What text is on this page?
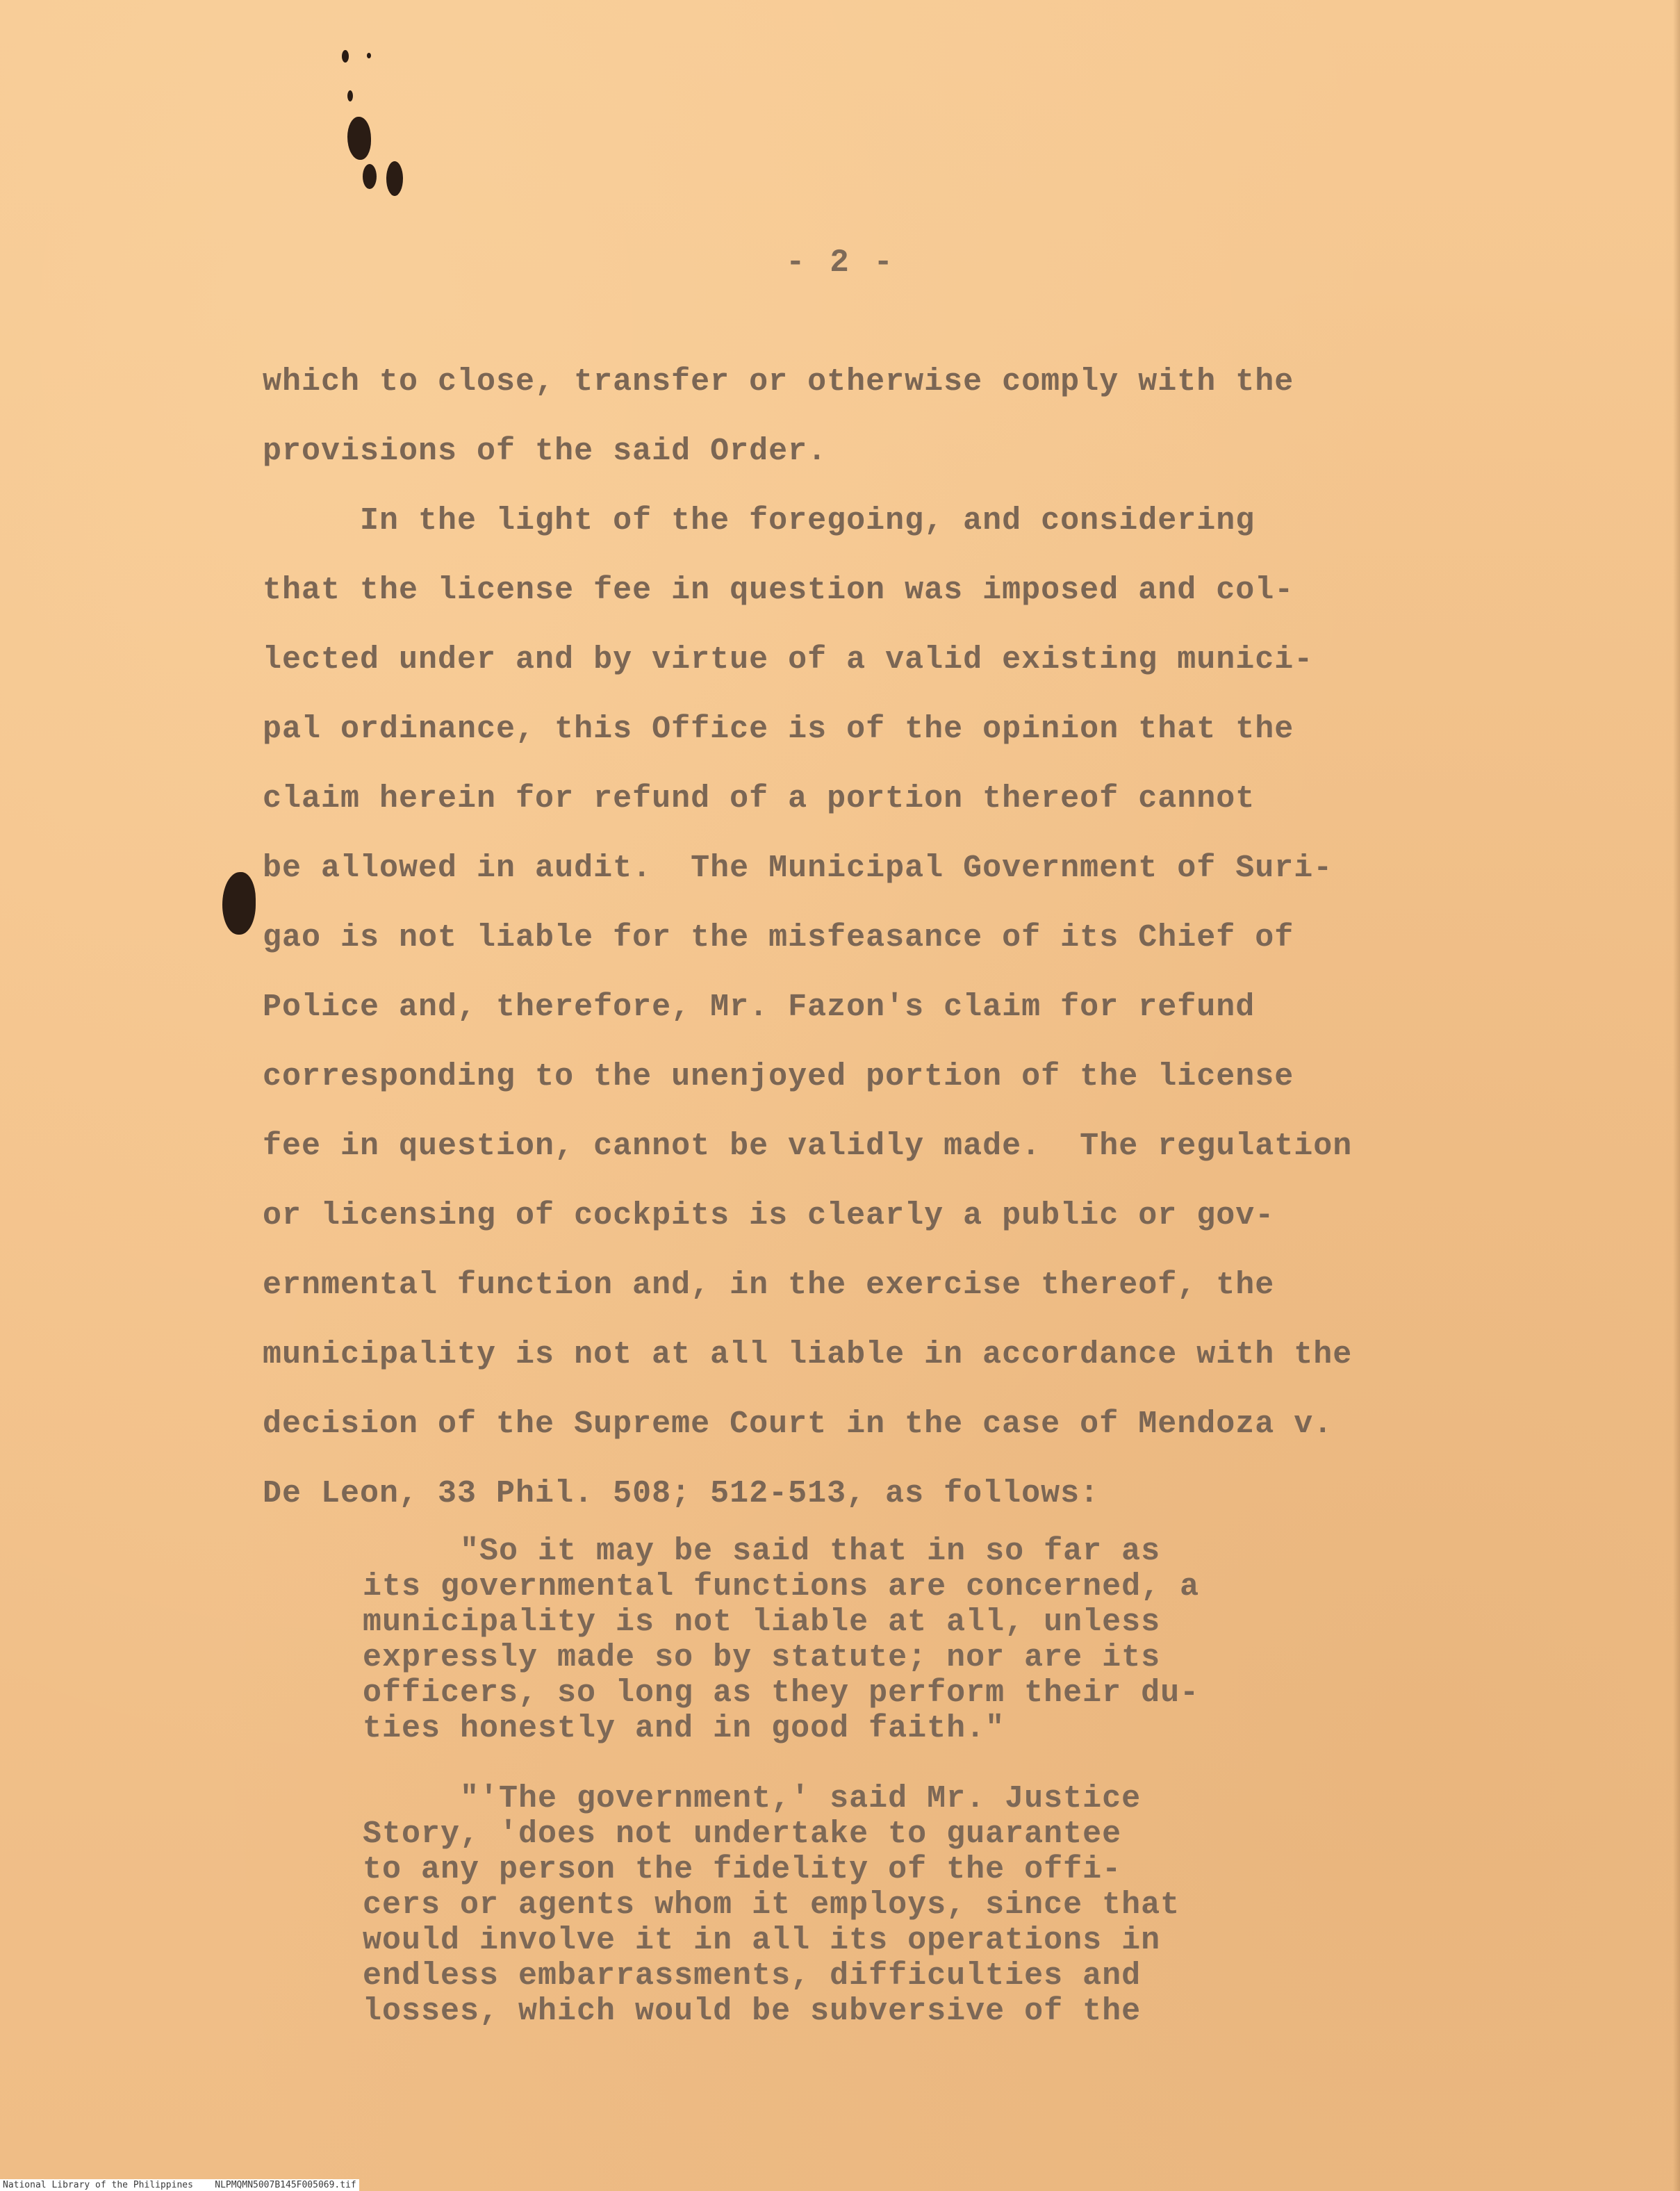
- 2 -
which to close, transfer or otherwise comply with the
provisions of the said Order.
In the light of the foregoing, and considering
that the license fee in question was imposed and col-
lected under and by virtue of a valid existing munici-
pal ordinance, this Office is of the opinion that the
claim herein for refund of a portion thereof cannot
be allowed in audit.  The Municipal Government of Suri-
gao is not liable for the misfeasance of its Chief of
Police and, therefore, Mr. Fazon's claim for refund
corresponding to the unenjoyed portion of the license
fee in question, cannot be validly made.  The regulation
or licensing of cockpits is clearly a public or gov-
ernmental function and, in the exercise thereof, the
municipality is not at all liable in accordance with the
decision of the Supreme Court in the case of Mendoza v.
De Leon, 33 Phil. 508; 512-513, as follows:
"So it may be said that in so far as
its governmental functions are concerned, a
municipality is not liable at all, unless
expressly made so by statute; nor are its
officers, so long as they perform their du-
ties honestly and in good faith."
"'The government,' said Mr. Justice
Story, 'does not undertake to guarantee
to any person the fidelity of the offi-
cers or agents whom it employs, since that
would involve it in all its operations in
endless embarrassments, difficulties and
losses, which would be subversive of the
National Library of the Philippines    NLPMQMN5007B145F005069.tif
